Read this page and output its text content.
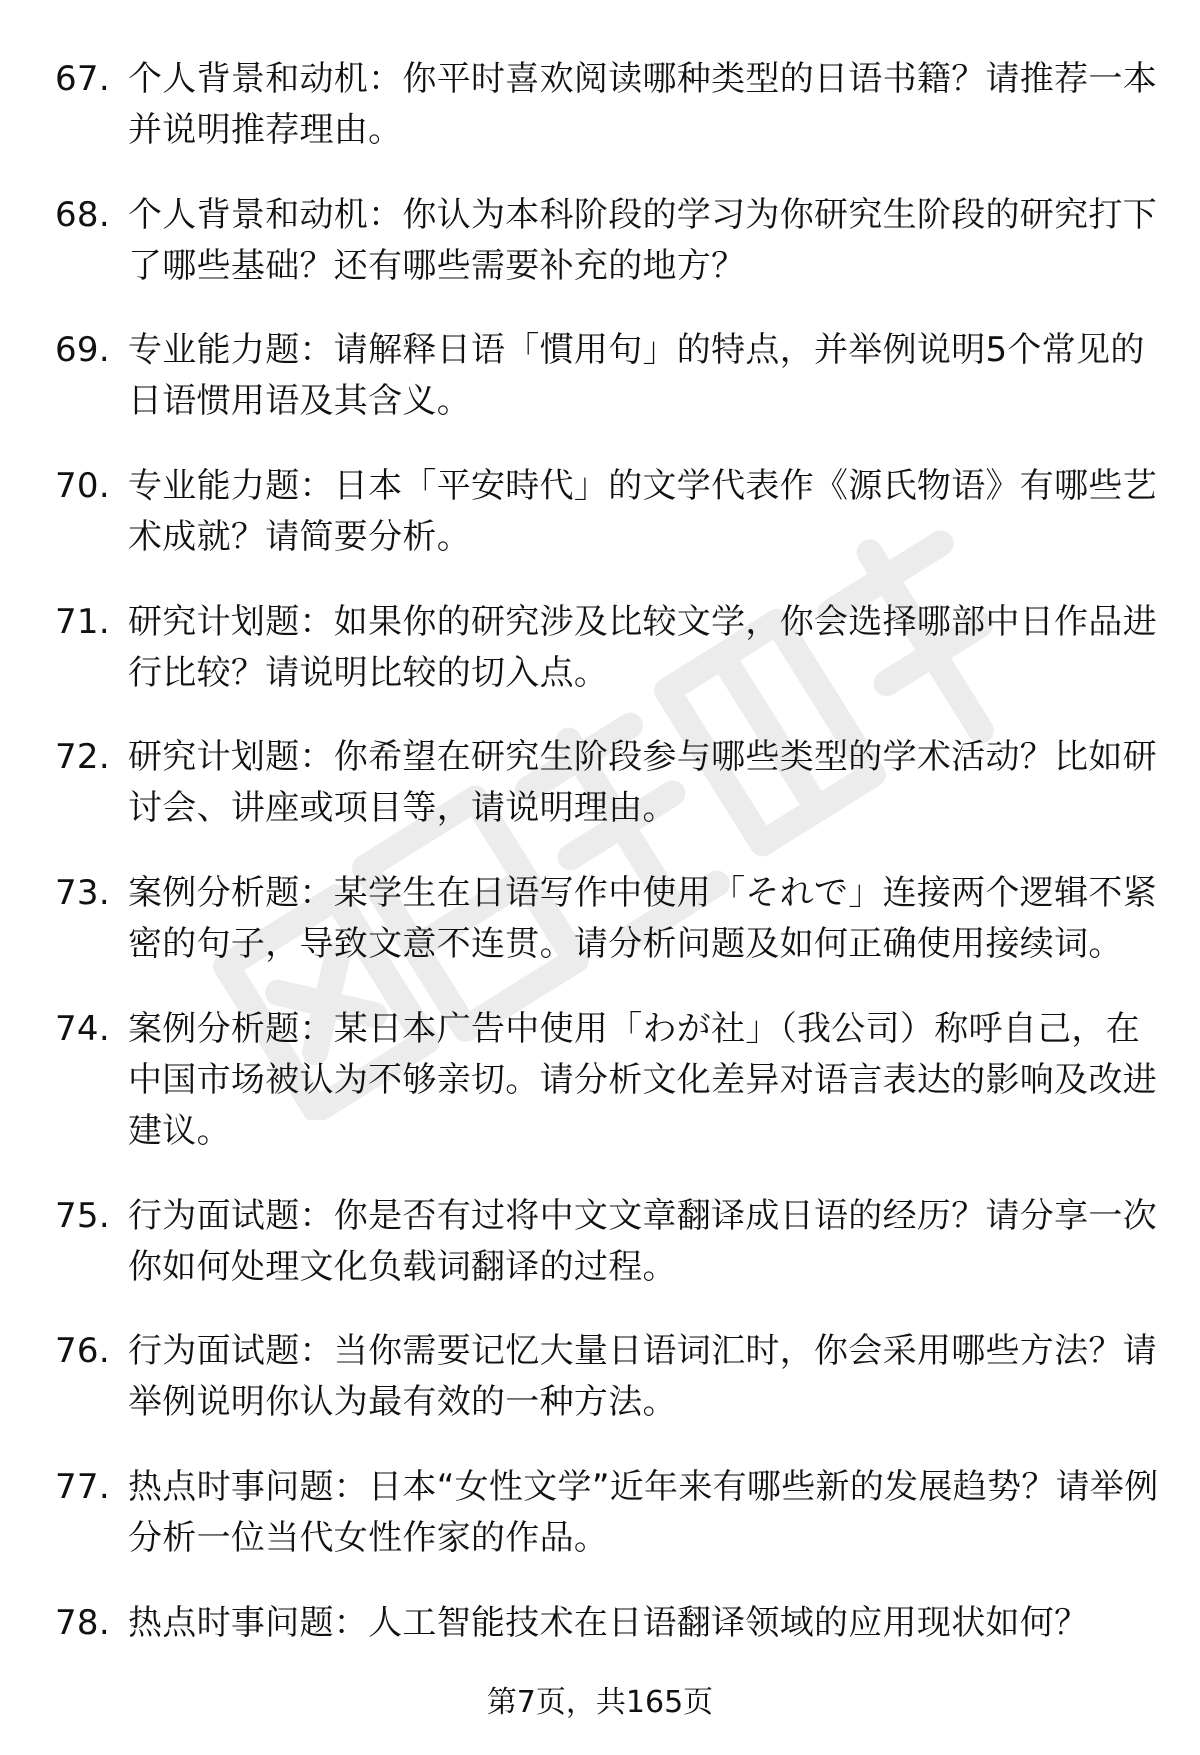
67. 个人背景和动机：你平时喜欢阅读哪种类型的日语书籍？请推荐一本并说明推荐理由。
68. 个人背景和动机：你认为本科阶段的学习为你研究生阶段的研究打下了哪些基础？还有哪些需要补充的地方？
69. 专业能力题：请解释日语「慣用句」的特点，并举例说明5个常见的日语惯用语及其含义。
70. 专业能力题：日本「平安時代」的文学代表作《源氏物语》有哪些艺术成就？请简要分析。
71. 研究计划题：如果你的研究涉及比较文学，你会选择哪部中日作品进行比较？请说明比较的切入点。
72. 研究计划题：你希望在研究生阶段参与哪些类型的学术活动？比如研讨会、讲座或项目等，请说明理由。
73. 案例分析题：某学生在日语写作中使用「それで」连接两个逻辑不紧密的句子，导致文意不连贯。请分析问题及如何正确使用接续词。
74. 案例分析题：某日本广告中使用「わが社」（我公司）称呼自己，在中国市场被认为不够亲切。请分析文化差异对语言表达的影响及改进建议。
75. 行为面试题：你是否有过将中文文章翻译成日语的经历？请分享一次你如何处理文化负载词翻译的过程。
76. 行为面试题：当你需要记忆大量日语词汇时，你会采用哪些方法？请举例说明你认为最有效的一种方法。
77. 热点时事问题：日本“女性文学”近年来有哪些新的发展趋势？请举例分析一位当代女性作家的作品。
78. 热点时事问题：人工智能技术在日语翻译领域的应用现状如何？
第7页，共165页
